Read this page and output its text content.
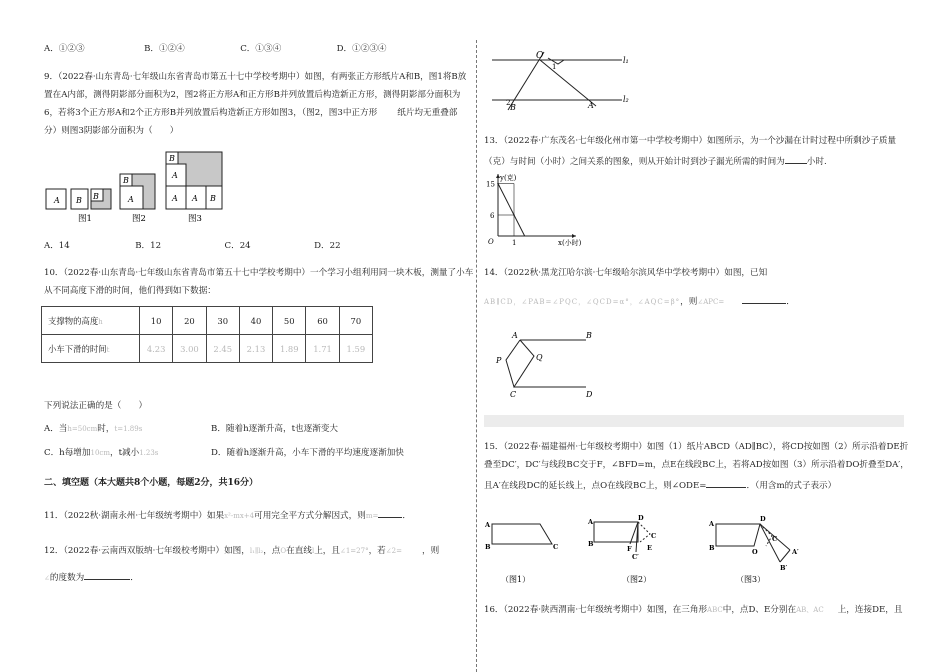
A．①②③	B．①②④	C．①③④	D．①②③④
9．（2022春·山东青岛·七年级山东省青岛市第五十七中学校考期中）如图，有两张正方形纸片A和B，图1将B放
置在A内部，测得阴影部分面积为2，图2将正方形A和正方形B并列放置后构造新正方形，测得阴影部分面积为
6，若将3个正方形A和2个正方形B并列放置后构造新正方形如图3，（图2，图3中正方形 纸片均无重叠部
分）则图3阴影部分面积为（　　）
A B B
图1
B
A
图2
B
A
A A B
图3
A．14	B．12	C．24	D．22
10．（2022春·山东青岛·七年级山东省青岛市第五十七中学校考期中）一个学习小组利用同一块木板，测量了小车
从不同高度下滑的时间，他们得到如下数据：
支撑物的高度h	10	20	30	40	50	60	70
小车下滑的时间t	4.23	3.00	2.45	2.13	1.89	1.71	1.59
下列说法正确的是（　　）
A．当h=50cm时，t=1.89s	B．随着h逐渐升高，t也逐渐变大
C．h每增加10cm，t减小1.23s	D．随着h逐渐升高，小车下滑的平均速度逐渐加快
二、填空题（本大题共8个小题，每题2分，共16分）
11．（2022秋·湖南永州·七年级统考期中）如果x²-mx+4可用完全平方式分解因式，则m=	．
12．（2022春·云南西双版纳·七年级校考期中）如图，l₁∥l₂，点O在直线l上，且∠1=27°，若∠2= ，则
∠的度数为	．
O
1
2 B	A
l₁
l₂
13．（2022春·广东茂名·七年级化州市第一中学校考期中）如图所示，为一个沙漏在计时过程中所剩沙子质量
（克）与时间（小时）之间关系的图象，则从开始计时到沙子漏光所需的时间为	小时.
y(克)
x(小时)
O
15
6
1
14．（2022秋·黑龙江哈尔滨·七年级哈尔滨风华中学校考期中）如图，已知
AB∥CD，∠PAB=∠PQC，∠QCD=α°，∠AQC=β°，则∠APC=	．
A	B
P	Q
C	D
15．（2022春·福建福州·七年级校考期中）如图（1）纸片ABCD（AD∥BC），将CD按如图（2）所示沿着DE折
叠至DC′，DC′与线段BC交于F，∠BFD=m，点E在线段BC上，若将AD按如图（3）所示沿着DO折叠至DA′，
且A′在线段DC的延长线上，点O在线段BC上，则∠ODE=	．（用含m的式子表示）
A
B	C
（图1）
A
B
D
C
F E
C′
（图2）
A
B
D
C
O	A′
B′
（图3）
16．（2022春·陕西渭南·七年级统考期中）如图，在三角形ABC中，点D、E分别在AB、AC 上，连接DE，且
